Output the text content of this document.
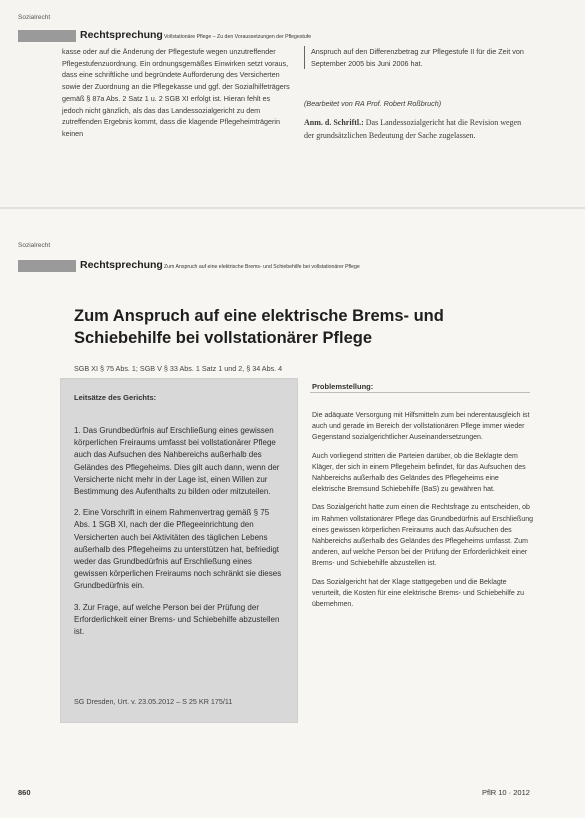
Sozialrecht
Rechtsprechung Vollstationäre Pflege – Zu den Voraussetzungen der Pflegestufe

kasse oder auf die Änderung der Pflegestufe wegen unzutreffender Pflegestufenzuordnung. Ein ordnungsgemäßes Einwirken setzt voraus, dass eine schriftliche und begründete Aufforderung des Versicherten sowie der Zuordnung an die Pflegekasse und ggf. der Sozialhilfeträgers gemäß § 87a Abs. 2 Satz 1 u. 2 SGB XI erfolgt ist. Hieran fehlt es jedoch nicht gänzlich, als das das Landessozialgericht zu dem zutreffenden Ergebnis kommt, dass die klagende Pflegeheimträgerin keinen

Anspruch auf den Differenzbetrag zur Pflegestufe II für die Zeit von September 2005 bis Juni 2006 hat.

(Bearbeitet von RA Prof. Robert Roßbruch)
Anm. d. Schriftl.: Das Landessozialgericht hat die Revision wegen der grundsätzlichen Bedeutung der Sache zugelassen.
Sozialrecht
Rechtsprechung Zum Anspruch auf eine elektrische Brems- und Schiebehilfe bei vollstationärer Pflege
Zum Anspruch auf eine elektrische Brems- und
Schiebehilfe bei vollstationärer Pflege
SGB XI § 75 Abs. 1; SGB V § 33 Abs. 1 Satz 1 und 2, § 34 Abs. 4
Leitsätze des Gerichts:

1. Das Grundbedürfnis auf Erschließung eines gewissen körperlichen Freiraums umfasst bei vollstationärer Pflege auch das Aufsuchen des Nahbereichs außerhalb des Geländes des Pflegeheims. Dies gilt auch dann, wenn der Versicherte nicht mehr in der Lage ist, einen Willen zur Bestimmung des Aufenthalts zu bilden oder mitzuteilen.

2. Eine Vorschrift in einem Rahmenvertrag gemäß § 75 Abs. 1 SGB XI, nach der die Pflegeeinrichtung den Versicherten auch bei Aktivitäten des täglichen Lebens außerhalb des Pflegeheims zu unterstützen hat, befriedigt weder das Grundbedürfnis auf Erschließung eines gewissen körperlichen Freiraums noch schränkt sie dieses Grundbedürfnis ein.

3. Zur Frage, auf welche Person bei der Prüfung der Erforderlichkeit einer Brems- und Schiebehilfe abzustellen ist.

SG Dresden, Urt. v. 23.05.2012 – S 25 KR 175/11
Problemstellung:

Die adäquate Versorgung mit Hilfsmitteln zum bei nderentausgleich ist auch und gerade im Bereich der vollstationären Pflege immer wieder Gegenstand sozialgerichtlicher Auseinandersetzungen.

Auch vorliegend stritten die Parteien darüber, ob die Beklagte dem Kläger, der sich in einem Pflegeheim befindet, für das Aufsuchen des Nahbereichs außerhalb des Geländes des Pflegeheims eine elektrische Bremsund Schiebehilfe (BaS) zu gewähren hat.

Das Sozialgericht hatte zum einen die Rechtsfrage zu entscheiden, ob im Rahmen vollstationärer Pflege das Grundbedürfnis auf Erschließung eines gewissen körperlichen Freiraums auch das Aufsuchen des Nahbereichs außerhalb des Geländes des Pflegeheims umfasst. Zum anderen, auf welche Person bei der Prüfung der Erforderlichkeit einer Brems- und Schiebehilfe abzustellen ist.

Das Sozialgericht hat der Klage stattgegeben und die Beklagte verurteilt, die Kosten für eine elektrische Brems- und Schiebehilfe zu übernehmen.

860	PflR 10 · 2012
